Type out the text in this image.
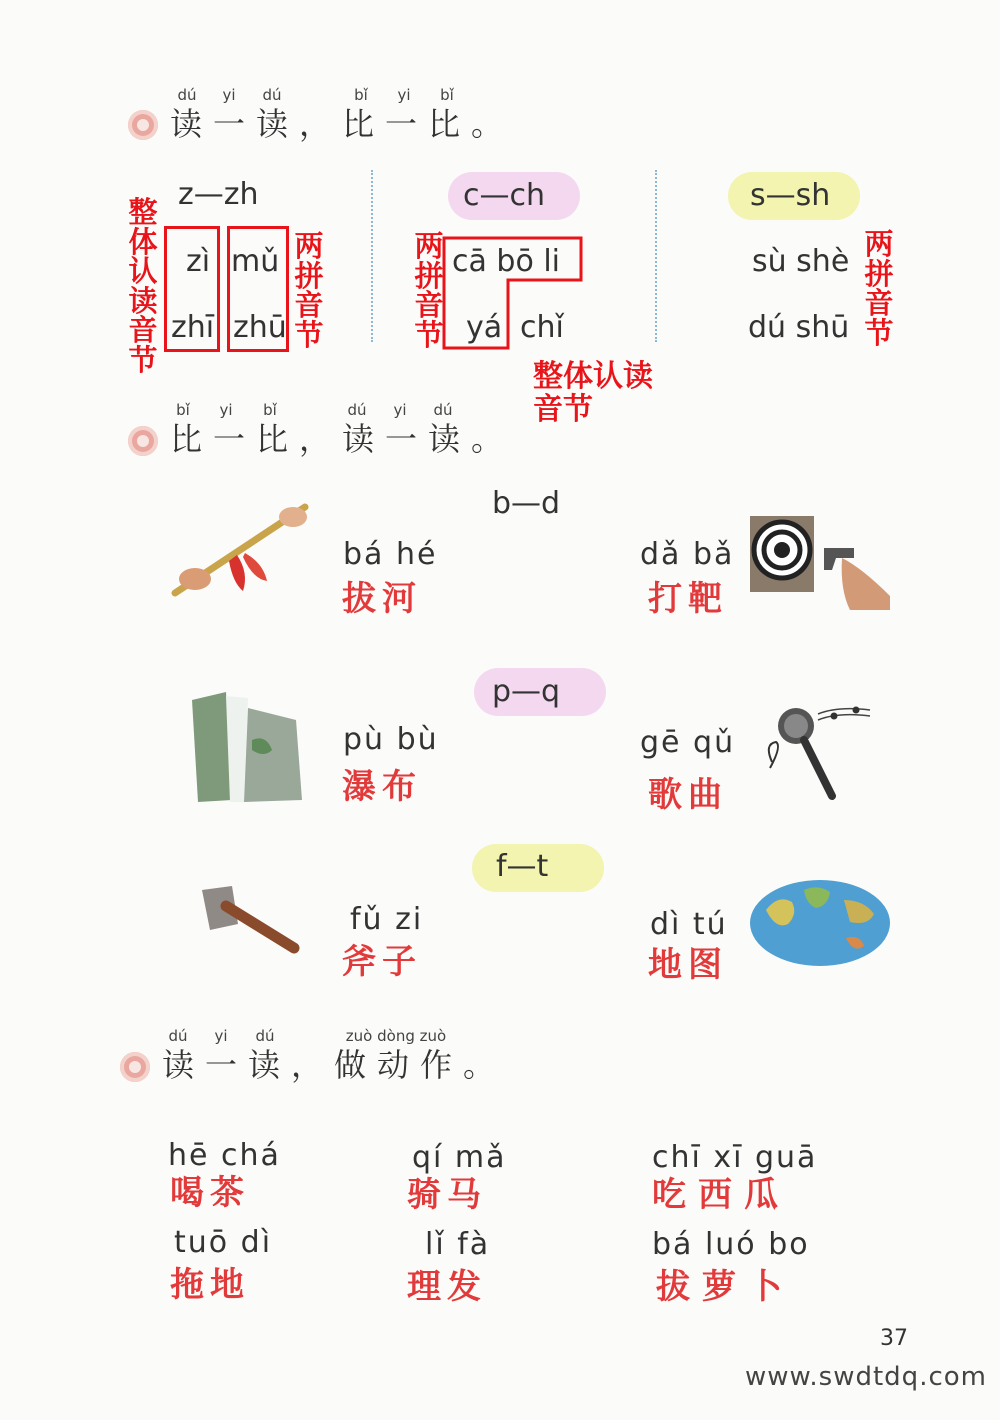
dú	yi	dú	bǐ	yi	bǐ
读一读，比一比。
z—zh
整体认读音节
zì mǔ
zhī zhū
两拼音节
c—ch
两拼音节
cā bō li
yá chǐ
整体认读音节
s—sh
sù shè
dú shū
两拼音节
bǐ	yi	bǐ	dú	yi	dú
比一比，读一读。
b—d
bá hé
拔河
dǎ bǎ
打靶
p—q
pù bù
瀑布
gē qǔ
歌曲
f—t
fǔ zi
斧子
dì tú
地图
dú	yi	dú	zuò dòng zuò
读一读，做动作。
hē chá
喝茶
qí mǎ
骑马
chī xī guā
吃西瓜
tuō dì
拖地
lǐ fà
理发
bá luó bo
拔萝卜
37
www.swdtdq.com
